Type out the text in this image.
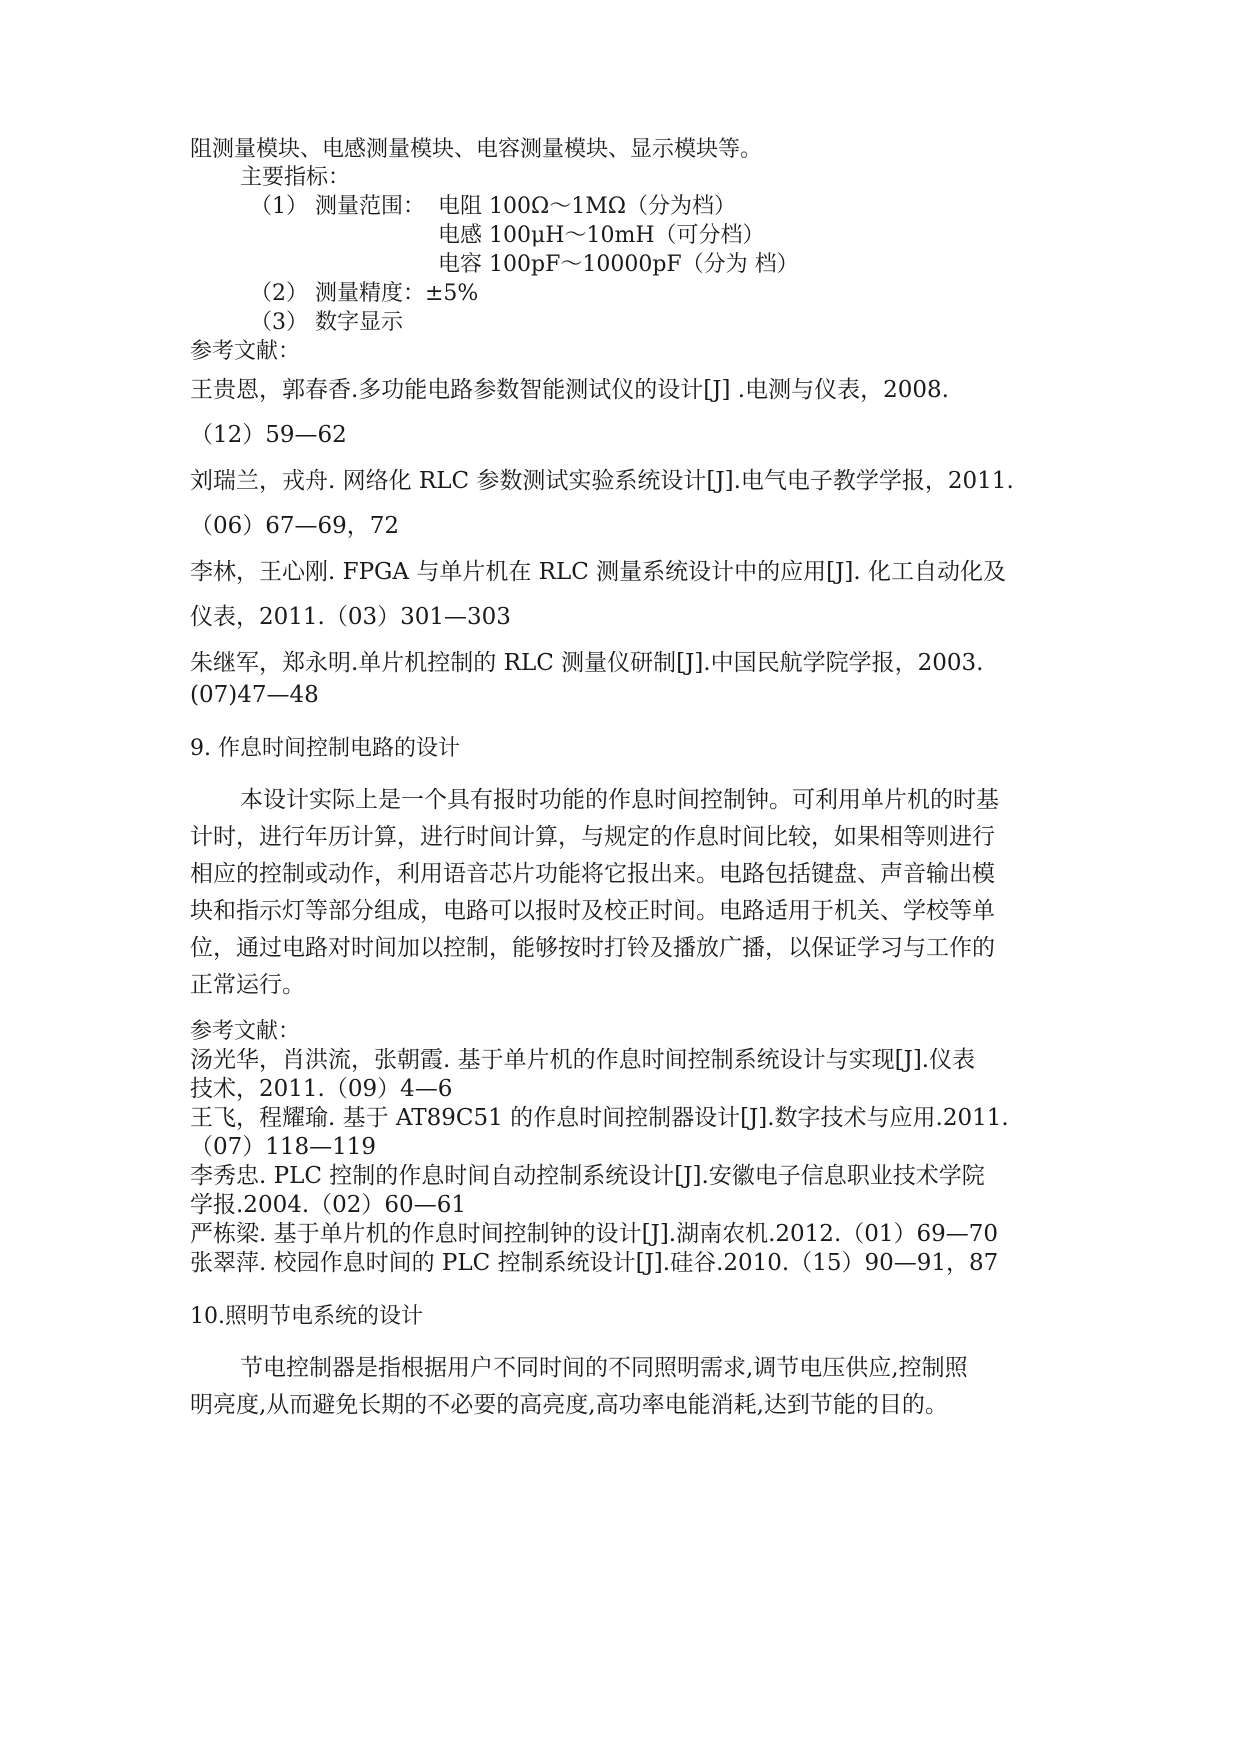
阻测量模块、电感测量模块、电容测量模块、显示模块等。
主要指标：
（1） 测量范围： 电阻 100Ω～1MΩ（分为档）
电感 100μH～10mH（可分档）
电容 100pF～10000pF（分为 档）
（2） 测量精度：±5%
（3） 数字显示
参考文献：
王贵恩，郭春香.多功能电路参数智能测试仪的设计[J] .电测与仪表，2008.
（12）59—62
刘瑞兰，戎舟. 网络化 RLC 参数测试实验系统设计[J].电气电子教学学报，2011.
（06）67—69，72
李林，王心刚. FPGA 与单片机在 RLC 测量系统设计中的应用[J]. 化工自动化及
仪表，2011.（03）301—303
朱继军，郑永明.单片机控制的 RLC 测量仪研制[J].中国民航学院学报，2003.
(07)47—48
9. 作息时间控制电路的设计
本设计实际上是一个具有报时功能的作息时间控制钟。可利用单片机的时基
计时，进行年历计算，进行时间计算，与规定的作息时间比较，如果相等则进行
相应的控制或动作，利用语音芯片功能将它报出来。电路包括键盘、声音输出模
块和指示灯等部分组成，电路可以报时及校正时间。电路适用于机关、学校等单
位，通过电路对时间加以控制，能够按时打铃及播放广播，以保证学习与工作的
正常运行。
参考文献：
汤光华，肖洪流，张朝霞. 基于单片机的作息时间控制系统设计与实现[J].仪表
技术，2011.（09）4—6
王飞，程耀瑜. 基于 AT89C51 的作息时间控制器设计[J].数字技术与应用.2011.
（07）118—119
李秀忠. PLC 控制的作息时间自动控制系统设计[J].安徽电子信息职业技术学院
学报.2004.（02）60—61
严栋梁. 基于单片机的作息时间控制钟的设计[J].湖南农机.2012.（01）69—70
张翠萍. 校园作息时间的 PLC 控制系统设计[J].硅谷.2010.（15）90—91，87
10.照明节电系统的设计
节电控制器是指根据用户不同时间的不同照明需求,调节电压供应,控制照
明亮度,从而避免长期的不必要的高亮度,高功率电能消耗,达到节能的目的。
